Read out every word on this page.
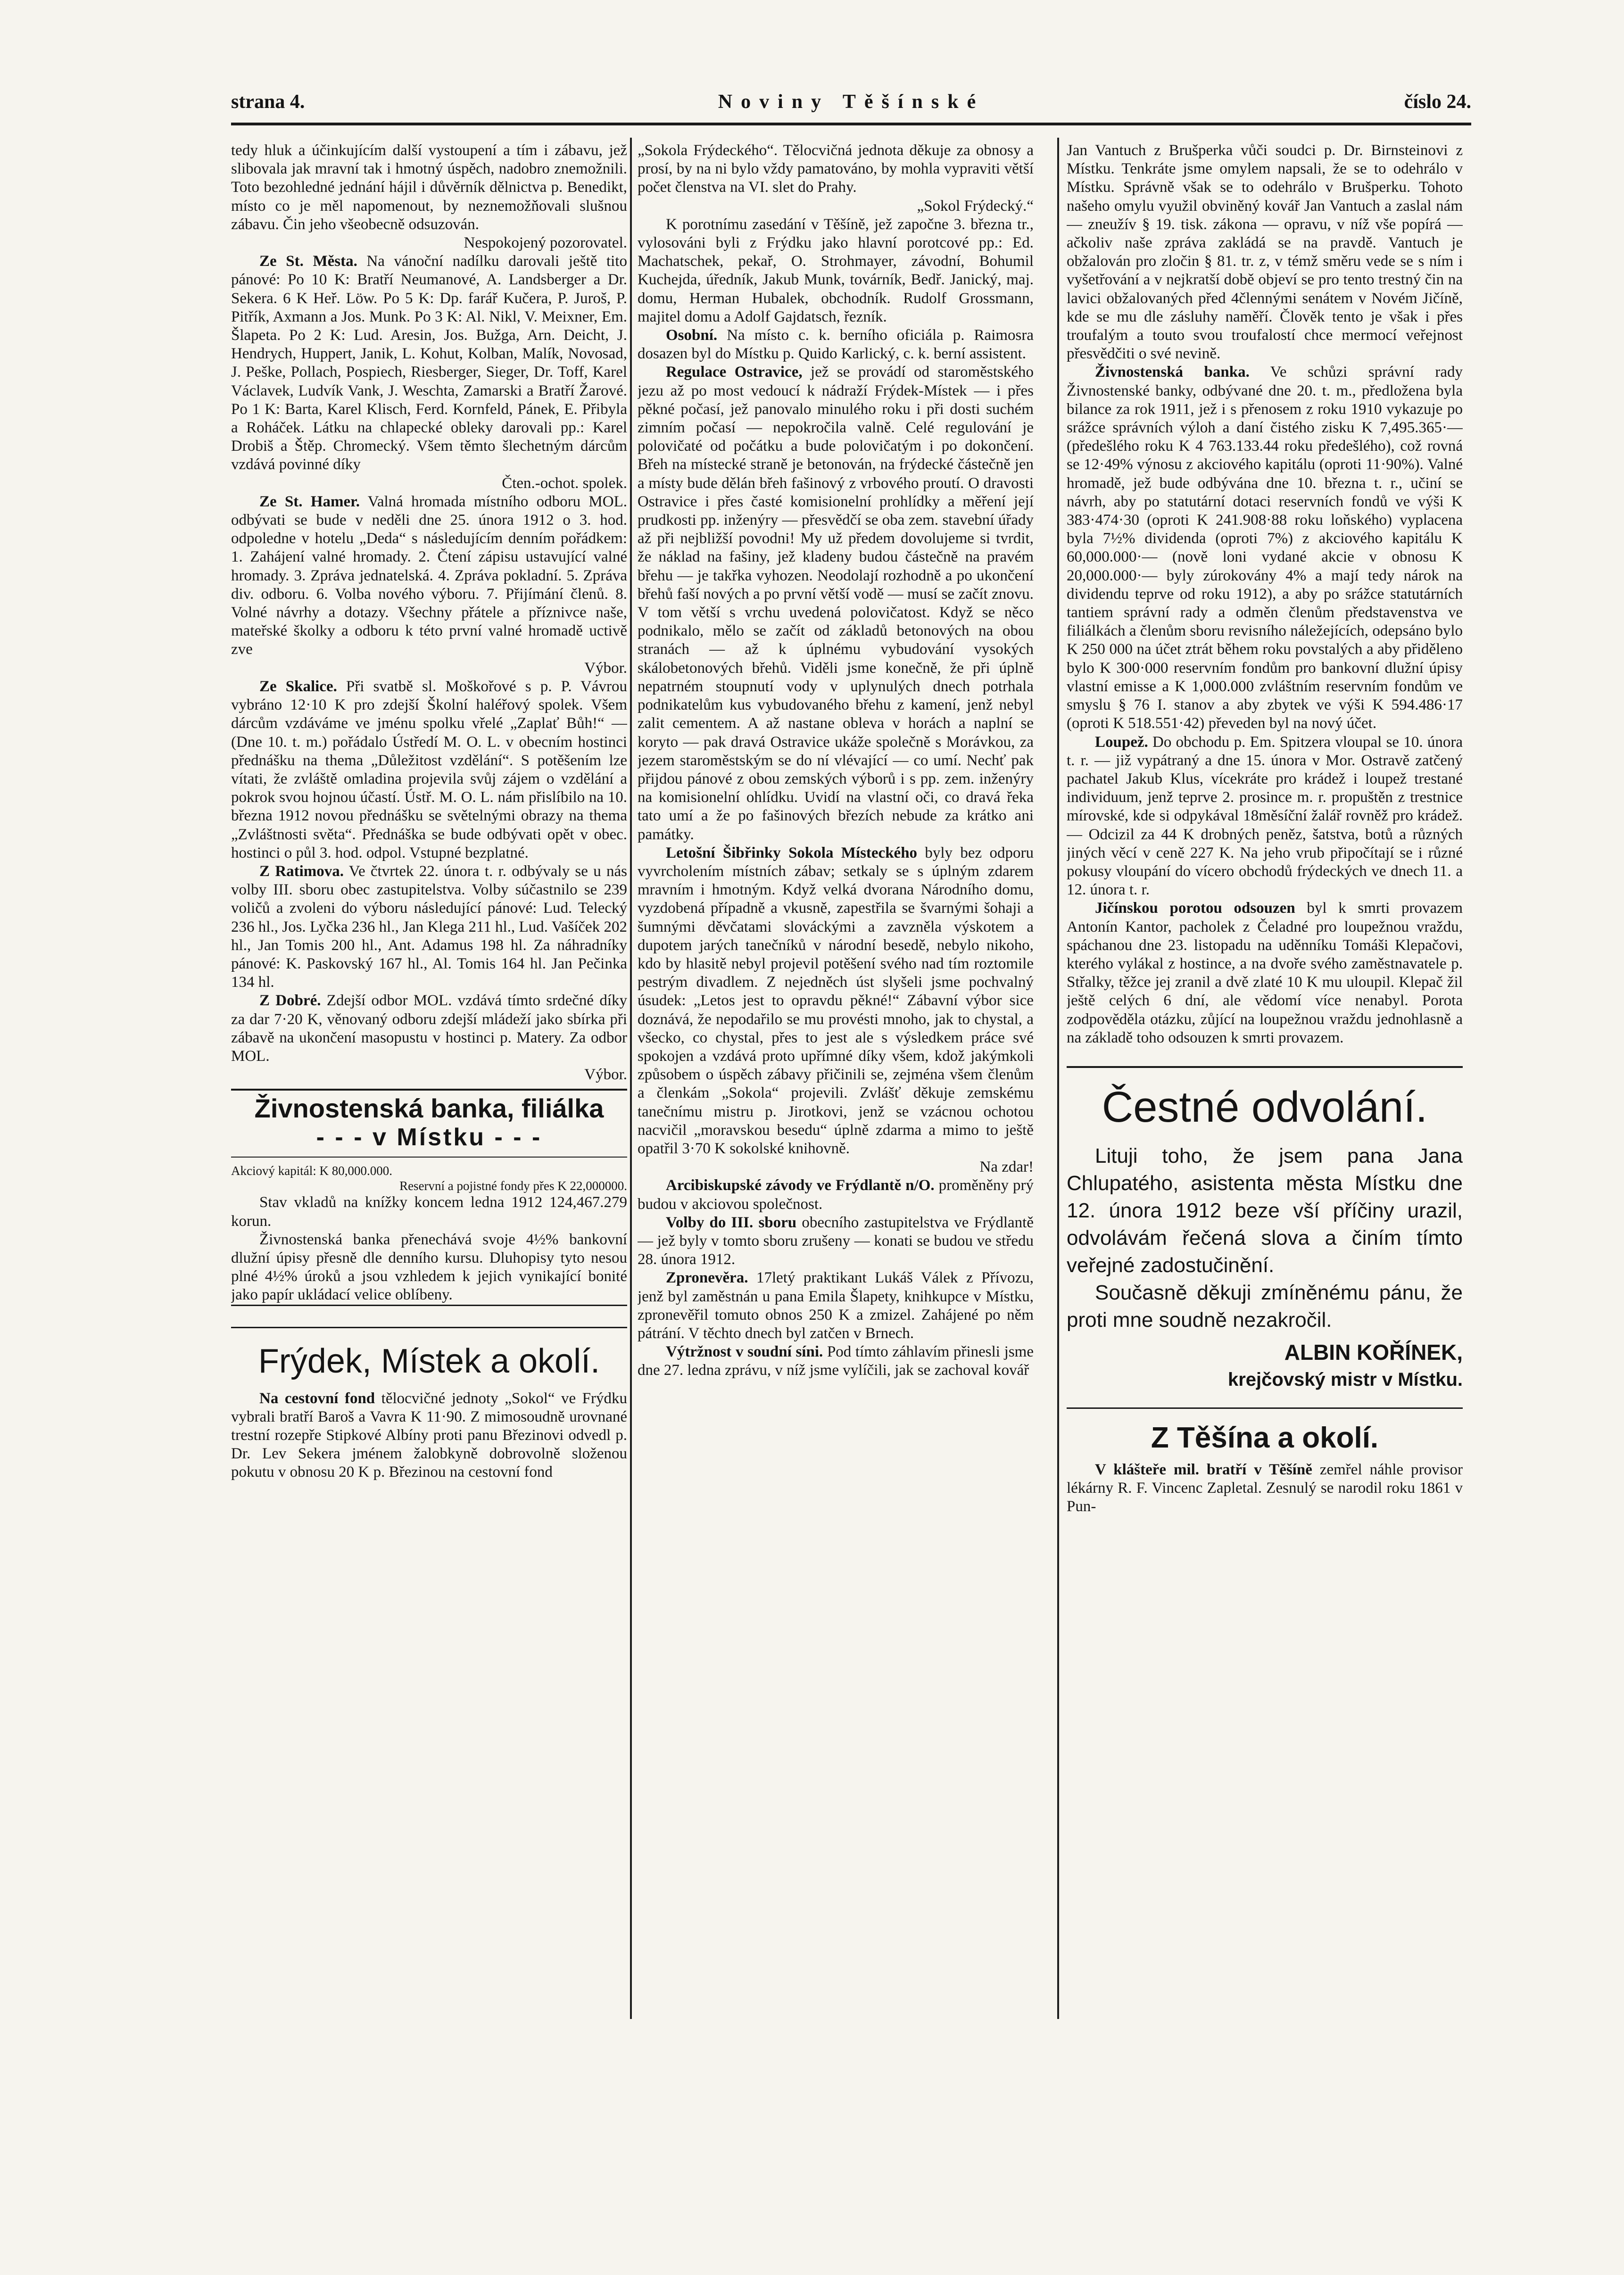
strana 4.	Noviny Těšínské	číslo 24.

tedy hluk a účinkujícím další vystoupení a tím i zábavu, jež slibovala jak mravní tak i hmotný úspěch, nadobro znemožnili. Toto bezohledné jednání hájil i důvěrník dělnictva p. Benedikt, místo co je měl napomenout, by neznemožňovali slušnou zábavu. Čin jeho všeobecně odsuzován.

Nespokojený pozorovatel.

Ze St. Města. Na vánoční nadílku darovali ještě tito pánové: Po 10 K: Bratří Neumanové, A. Landsberger a Dr. Sekera. 6 K Heř. Löw. Po 5 K: Dp. farář Kučera, P. Juroš, P. Pitřík, Axmann a Jos. Munk. Po 3 K: Al. Nikl, V. Meixner, Em. Šlapeta. Po 2 K: Lud. Aresin, Jos. Bužga, Arn. Deicht, J. Hendrych, Huppert, Janik, L. Kohut, Kolban, Malík, Novosad, J. Peške, Pollach, Pospiech, Riesberger, Sieger, Dr. Toff, Karel Václavek, Ludvík Vank, J. Weschta, Zamarski a Bratří Žarové. Po 1 K: Barta, Karel Klisch, Ferd. Kornfeld, Pánek, E. Přibyla a Roháček. Látku na chlapecké obleky darovali pp.: Karel Drobiš a Štěp. Chromecký. Všem těmto šlechetným dárcům vzdává povinné díky

Čten.-ochot. spolek.

Ze St. Hamer. Valná hromada místního odboru MOL. odbývati se bude v neděli dne 25. února 1912 o 3. hod. odpoledne v hotelu „Deda“ s následujícím denním pořádkem: 1. Zahájení valné hromady. 2. Čtení zápisu ustavující valné hromady. 3. Zpráva jednatelská. 4. Zpráva pokladní. 5. Zpráva div. odboru. 6. Volba nového výboru. 7. Přijímání členů. 8. Volné návrhy a dotazy. Všechny přátele a příznivce naše, mateřské školky a odboru k této první valné hromadě uctivě zve

Výbor.

Ze Skalice. Při svatbě sl. Moškořové s p. P. Vávrou vybráno 12·10 K pro zdejší Školní haléřový spolek. Všem dárcům vzdáváme ve jménu spolku vřelé „Zaplať Bůh!“ — (Dne 10. t. m.) pořádalo Ústředí M. O. L. v obecním hostinci přednášku na thema „Důležitost vzdělání“. S potěšením lze vítati, že zvláště omladina projevila svůj zájem o vzdělání a pokrok svou hojnou účastí. Ústř. M. O. L. nám přislíbilo na 10. března 1912 novou přednášku se světelnými obrazy na thema „Zvláštnosti světa“. Přednáška se bude odbývati opět v obec. hostinci o půl 3. hod. odpol. Vstupné bezplatné.

Z Ratimova. Ve čtvrtek 22. února t. r. odbývaly se u nás volby III. sboru obec zastupitelstva. Volby súčastnilo se 239 voličů a zvoleni do výboru následující pánové: Lud. Telecký 236 hl., Jos. Lyčka 236 hl., Jan Klega 211 hl., Lud. Vašíček 202 hl., Jan Tomis 200 hl., Ant. Adamus 198 hl. Za náhradníky pánové: K. Paskovský 167 hl., Al. Tomis 164 hl. Jan Pečinka 134 hl.

Z Dobré. Zdejší odbor MOL. vzdává tímto srdečné díky za dar 7·20 K, věnovaný odboru zdejší mládeží jako sbírka při zábavě na ukončení masopustu v hostinci p. Matery. Za odbor MOL.

Výbor.

Živnostenská banka, filiálka
- - - v Místku - - -

Akciový kapitál: K 80,000.000.

Reservní a pojistné fondy přes K 22,000000.

Stav vkladů na knížky koncem ledna 1912 124,467.279 korun.

Živnostenská banka přenechává svoje 4½% bankovní dlužní úpisy přesně dle denního kursu. Dluhopisy tyto nesou plné 4½% úroků a jsou vzhledem k jejich vynikající bonité jako papír ukládací velice oblíbeny.

Frýdek, Místek a okolí.

Na cestovní fond tělocvičné jednoty „Sokol“ ve Frýdku vybrali bratří Baroš a Vavra K 11·90. Z mimosoudně urovnané trestní rozepře Stipkové Albíny proti panu Březinovi odvedl p. Dr. Lev Sekera jménem žalobkyně dobrovolně složenou pokutu v obnosu 20 K p. Březinou na cestovní fond

„Sokola Frýdeckého“. Tělocvičná jednota děkuje za obnosy a prosí, by na ni bylo vždy pamatováno, by mohla vypraviti větší počet členstva na VI. slet do Prahy.

„Sokol Frýdecký.“

K porotnímu zasedání v Těšíně, jež započne 3. března tr., vylosováni byli z Frýdku jako hlavní porotcové pp.: Ed. Machatschek, pekař, O. Strohmayer, závodní, Bohumil Kuchejda, úředník, Jakub Munk, továrník, Bedř. Janický, maj. domu, Herman Hubalek, obchodník. Rudolf Grossmann, majitel domu a Adolf Gajdatsch, řezník.

Osobní. Na místo c. k. berního oficiála p. Raimosra dosazen byl do Místku p. Quido Karlický, c. k. berní assistent.

Regulace Ostravice, jež se provádí od staroměstského jezu až po most vedoucí k nádraží Frýdek-Místek — i přes pěkné počasí, jež panovalo minulého roku i při dosti suchém zimním počasí — nepokročila valně. Celé regulování je polovičaté od počátku a bude polovičatým i po dokončení. Břeh na místecké straně je betonován, na frýdecké částečně jen a místy bude dělán břeh fašinový z vrbového proutí. O dravosti Ostravice i přes časté komisionelní prohlídky a měření její prudkosti pp. inženýry — přesvědčí se oba zem. stavební úřady až při nejbližší povodni! My už předem dovolujeme si tvrdit, že náklad na fašiny, jež kladeny budou částečně na pravém břehu — je takřka vyhozen. Neodolají rozhodně a po ukončení břehů faší nových a po první větší vodě — musí se začít znovu. V tom větší s vrchu uvedená polovičatost. Když se něco podnikalo, mělo se začít od základů betonových na obou stranách — až k úplnému vybudování vysokých skálobetonových břehů. Viděli jsme konečně, že při úplně nepatrném stoupnutí vody v uplynulých dnech potrhala podnikatelům kus vybudovaného břehu z kamení, jenž nebyl zalit cementem. A až nastane obleva v horách a naplní se koryto — pak dravá Ostravice ukáže společně s Morávkou, za jezem staroměstským se do ní vlévající — co umí. Nechť pak přijdou pánové z obou zemských výborů i s pp. zem. inženýry na komisionelní ohlídku. Uvidí na vlastní oči, co dravá řeka tato umí a že po fašinových březích nebude za krátko ani památky.

Letošní Šibřinky Sokola Místeckého byly bez odporu vyvrcholením místních zábav; setkaly se s úplným zdarem mravním i hmotným. Když velká dvorana Národního domu, vyzdobená případně a vkusně, zapestřila se švarnými šohaji a šumnými děvčatami slováckými a zavzněla výskotem a dupotem jarých tanečníků v národní besedě, nebylo nikoho, kdo by hlasitě nebyl projevil potěšení svého nad tím roztomile pestrým divadlem. Z nejedněch úst slyšeli jsme pochvalný úsudek: „Letos jest to opravdu pěkné!“ Zábavní výbor sice doznává, že nepodařilo se mu provésti mnoho, jak to chystal, a všecko, co chystal, přes to jest ale s výsledkem práce své spokojen a vzdává proto upřímné díky všem, kdož jakýmkoli způsobem o úspěch zábavy přičinili se, zejména všem členům a členkám „Sokola“ projevili. Zvlášť děkuje zemskému tanečnímu mistru p. Jirotkovi, jenž se vzácnou ochotou nacvičil „moravskou besedu“ úplně zdarma a mimo to ještě opatřil 3·70 K sokolské knihovně.

Na zdar!

Arcibiskupské závody ve Frýdlantě n/O. proměněny prý budou v akciovou společnost.

Volby do III. sboru obecního zastupitelstva ve Frýdlantě — jež byly v tomto sboru zrušeny — konati se budou ve středu 28. února 1912.

Zpronevěra. 17letý praktikant Lukáš Válek z Přívozu, jenž byl zaměstnán u pana Emila Šlapety, knihkupce v Místku, zpronevěřil tomuto obnos 250 K a zmizel. Zahájené po něm pátrání. V těchto dnech byl zatčen v Brnech.

Výtržnost v soudní síni. Pod tímto záhlavím přinesli jsme dne 27. ledna zprávu, v níž jsme vylíčili, jak se zachoval kovář

Jan Vantuch z Brušperka vůči soudci p. Dr. Birnsteinovi z Místku. Tenkráte jsme omylem napsali, že se to odehrálo v Místku. Správně však se to odehrálo v Brušperku. Tohoto našeho omylu využil obviněný kovář Jan Vantuch a zaslal nám — zneužív § 19. tisk. zákona — opravu, v níž vše popírá — ačkoliv naše zpráva zakládá se na pravdě. Vantuch je obžalován pro zločin § 81. tr. z, v témž směru vede se s ním i vyšetřování a v nejkratší době objeví se pro tento trestný čin na lavici obžalovaných před 4člennými senátem v Novém Jičíně, kde se mu dle zásluhy naměří. Člověk tento je však i přes troufalým a touto svou troufalostí chce mermocí veřejnost přesvědčiti o své nevině.

Živnostenská banka. Ve schůzi správní rady Živnostenské banky, odbývané dne 20. t. m., předložena byla bilance za rok 1911, jež i s přenosem z roku 1910 vykazuje po srážce správních výloh a daní čistého zisku K 7,495.365·— (předešlého roku K 4 763.133.44 roku předešlého), což rovná se 12·49% výnosu z akciového kapitálu (oproti 11·90%). Valné hromadě, jež bude odbývána dne 10. března t. r., učiní se návrh, aby po statutární dotaci reservních fondů ve výši K 383·474·30 (oproti K 241.908·88 roku loňského) vyplacena byla 7½% dividenda (oproti 7%) z akciového kapitálu K 60,000.000·— (nově loni vydané akcie v obnosu K 20,000.000·— byly zúrokovány 4% a mají tedy nárok na dividendu teprve od roku 1912), a aby po srážce statutárních tantiem správní rady a odměn členům představenstva ve filiálkách a členům sboru revisního náležejících, odepsáno bylo K 250 000 na účet ztrát během roku povstalých a aby přiděleno bylo K 300·000 reservním fondům pro bankovní dlužní úpisy vlastní emisse a K 1,000.000 zvláštním reservním fondům ve smyslu § 76 I. stanov a aby zbytek ve výši K 594.486·17 (oproti K 518.551·42) převeden byl na nový účet.

Loupež. Do obchodu p. Em. Spitzera vloupal se 10. února t. r. — již vypátraný a dne 15. února v Mor. Ostravě zatčený pachatel Jakub Klus, vícekráte pro krádež i loupež trestané individuum, jenž teprve 2. prosince m. r. propuštěn z trestnice mírovské, kde si odpykával 18měsíční žalář rovněž pro krádež. — Odcizil za 44 K drobných peněz, šatstva, botů a různých jiných věcí v ceně 227 K. Na jeho vrub připočítají se i různé pokusy vloupání do vícero obchodů frýdeckých ve dnech 11. a 12. února t. r.

Jičínskou porotou odsouzen byl k smrti provazem Antonín Kantor, pacholek z Čeladné pro loupežnou vraždu, spáchanou dne 23. listopadu na uděnníku Tomáši Klepačovi, kterého vylákal z hostince, a na dvoře svého zaměstnavatele p. Střalky, těžce jej zranil a dvě zlaté 10 K mu uloupil. Klepač žil ještě celých 6 dní, ale vědomí více nenabyl. Porota zodpověděla otázku, zůjící na loupežnou vraždu jednohlasně a na základě toho odsouzen k smrti provazem.

Čestné odvolání.

Lituji toho, že jsem pana Jana Chlupatého, asistenta města Místku dne 12. února 1912 beze vší příčiny urazil, odvolávám řečená slova a činím tímto veřejné zadostučinění.

Současně děkuji zmíněnému pánu, že proti mne soudně nezakročil.

ALBIN KOŘÍNEK,

krejčovský mistr v Místku.

Z Těšína a okolí.

V klášteře mil. bratří v Těšíně zemřel náhle provisor lékárny R. F. Vincenc Zapletal. Zesnulý se narodil roku 1861 v Pun-
